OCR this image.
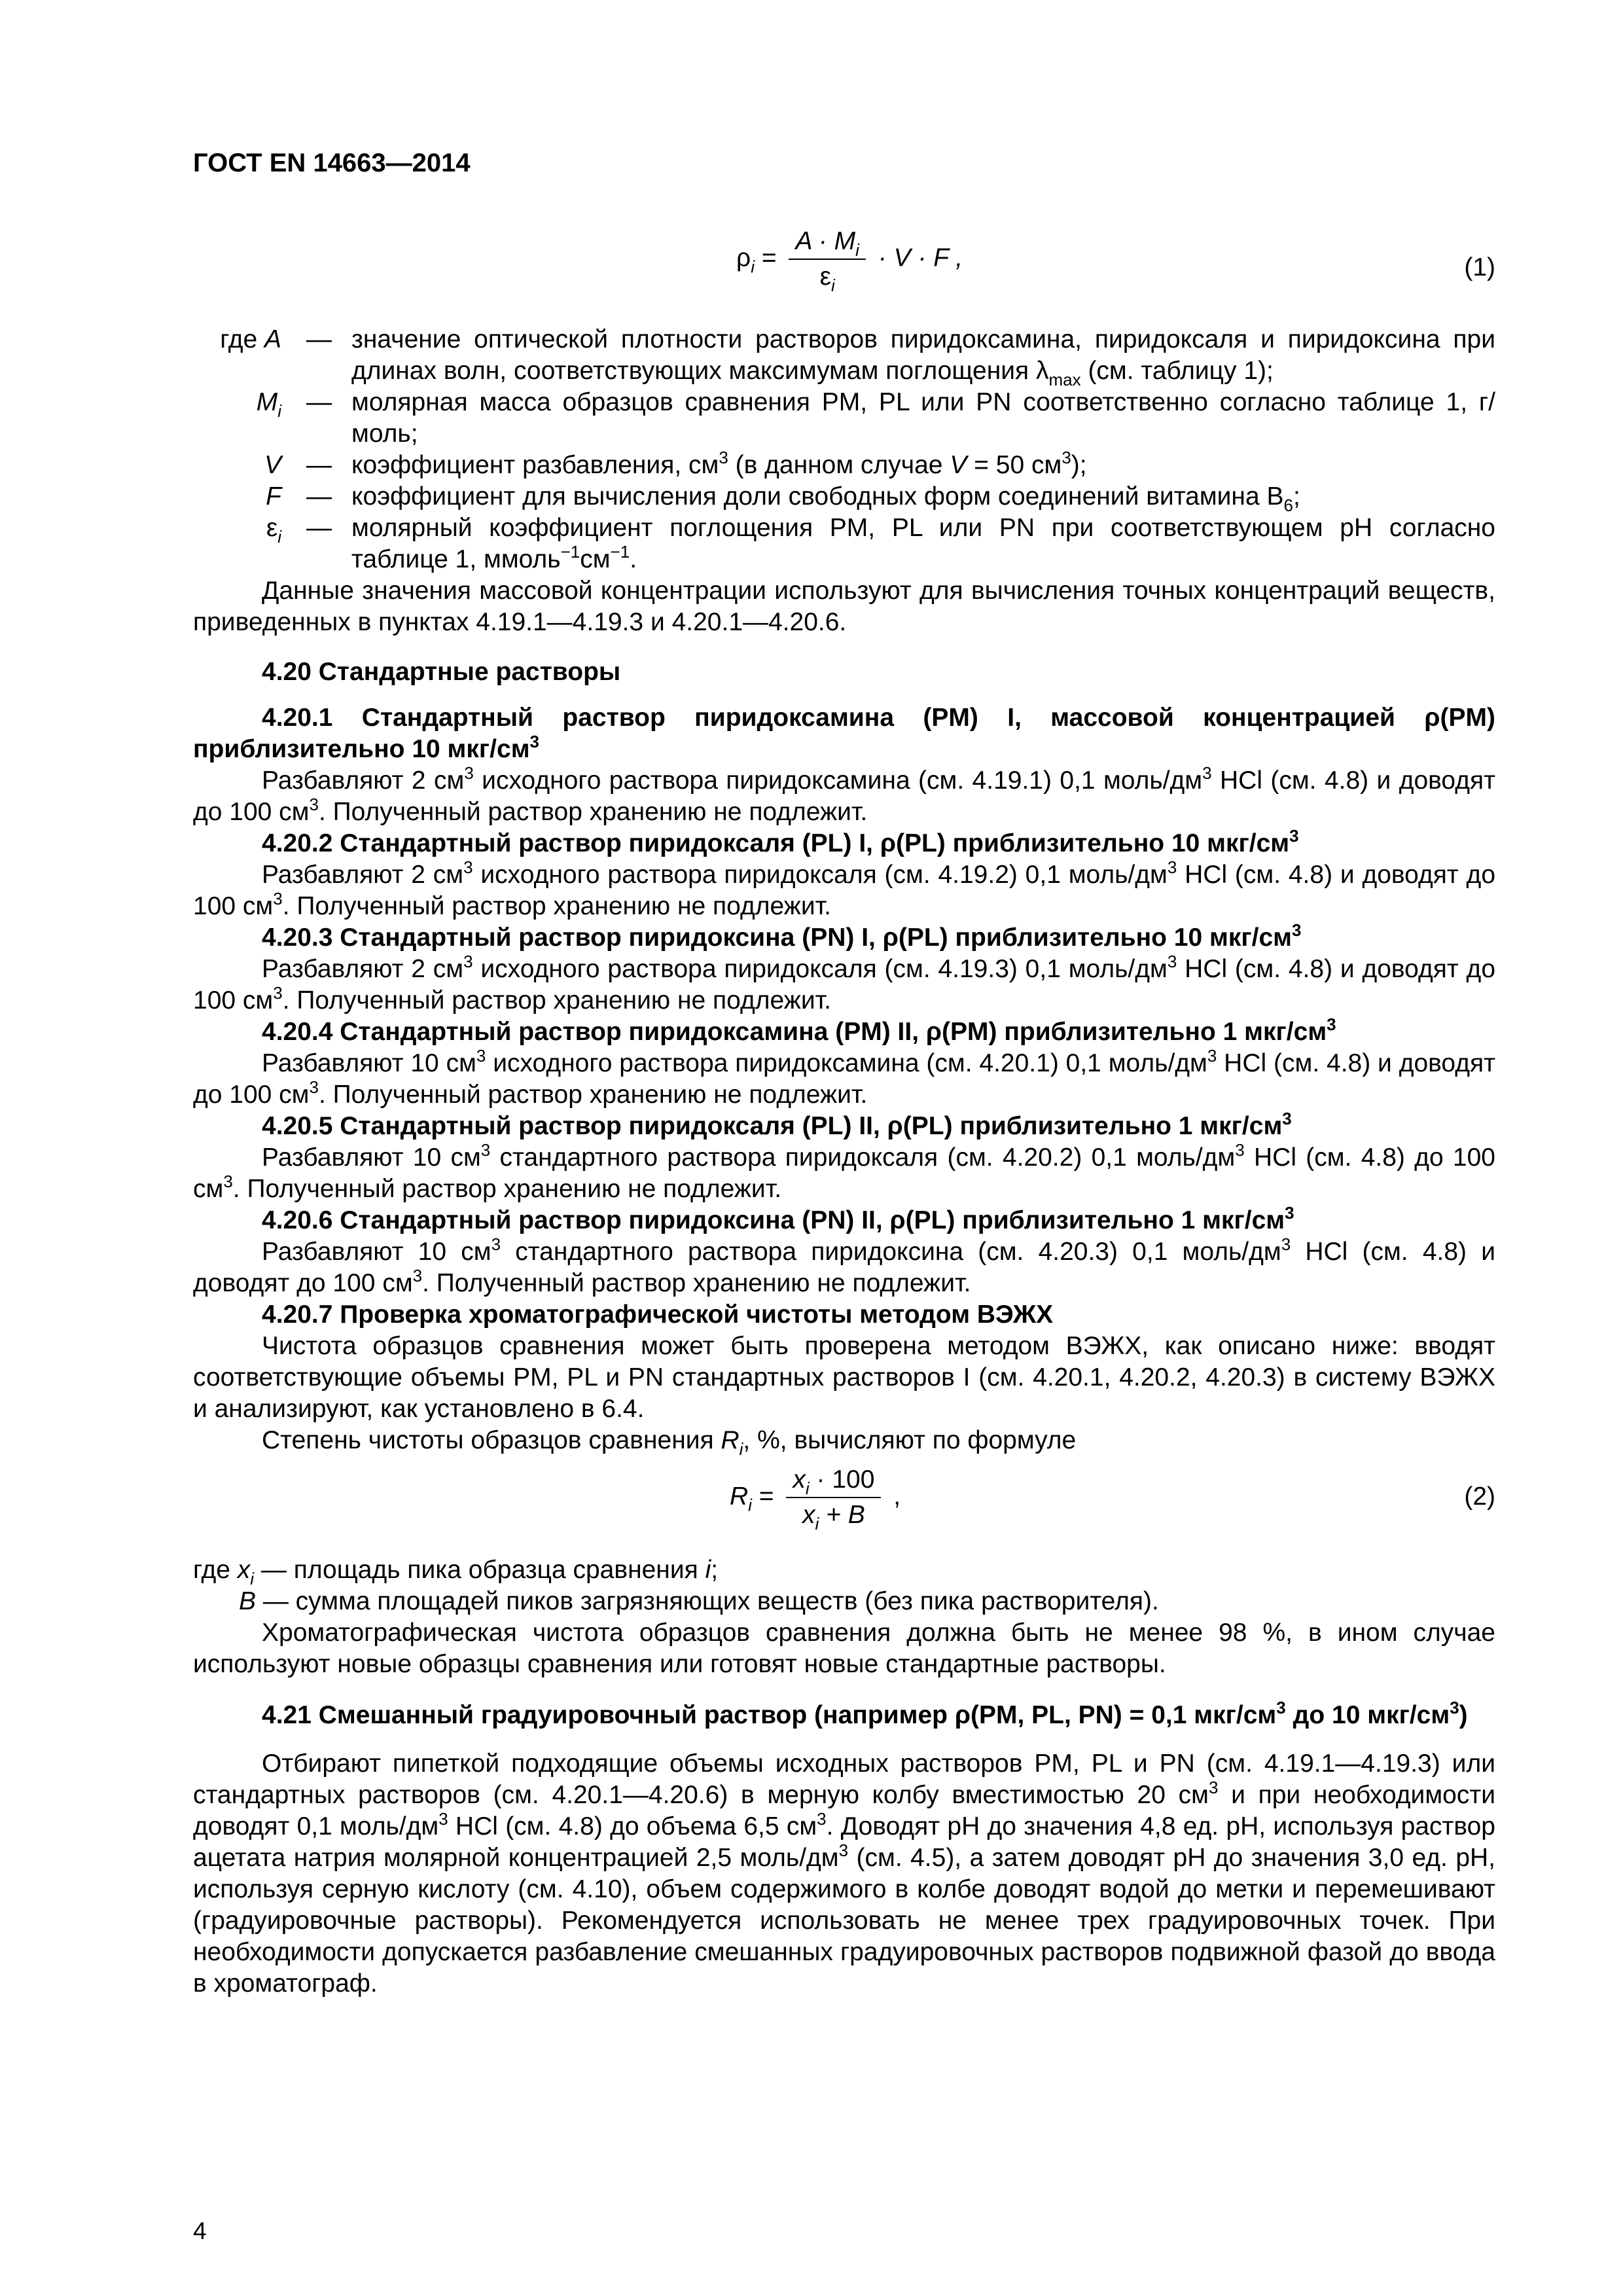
ГОСТ EN 14663—2014
$\rho_i = \frac{A \cdot M_i}{\varepsilon_i} \cdot V \cdot F$ ,	(1)
где A	—	значение оптической плотности растворов пиридоксамина, пиридоксаля и пиридоксина при длинах волн, соответствующих максимумам поглощения $\lambda_{max}$ (см. таблицу 1);
$M_i$	—	молярная масса образцов сравнения PM, PL или PN соответственно согласно таблице 1, г/моль;
V	—	коэффициент разбавления, $см^3$ (в данном случае V = 50 $см^3$);
F	—	коэффициент для вычисления доли свободных форм соединений витамина $B_6$;
$\varepsilon_i$	—	молярный коэффициент поглощения PM, PL или PN при соответствующем pH согласно таблице 1, $ммоль^{-1}см^{-1}$.
Данные значения массовой концентрации используют для вычисления точных концентраций веществ, приведенных в пунктах 4.19.1—4.19.3 и 4.20.1—4.20.6.
4.20 Стандартные растворы
4.20.1 Стандартный раствор пиридоксамина (PM) I, массовой концентрацией ρ(PM) приблизительно 10 мкг/$см^3$
Разбавляют 2 $см^3$ исходного раствора пиридоксамина (см. 4.19.1) 0,1 моль/$дм^3$ HCl (см. 4.8) и доводят до 100 $см^3$. Полученный раствор хранению не подлежит.
4.20.2 Стандартный раствор пиридоксаля (PL) I, ρ(PL) приблизительно 10 мкг/$см^3$
Разбавляют 2 $см^3$ исходного раствора пиридоксаля (см. 4.19.2) 0,1 моль/$дм^3$ HCl (см. 4.8) и доводят до 100 $см^3$. Полученный раствор хранению не подлежит.
4.20.3 Стандартный раствор пиридоксина (PN) I, ρ(PL) приблизительно 10 мкг/$см^3$
Разбавляют 2 $см^3$ исходного раствора пиридоксаля (см. 4.19.3) 0,1 моль/$дм^3$ HCl (см. 4.8) и доводят до 100 $см^3$. Полученный раствор хранению не подлежит.
4.20.4 Стандартный раствор пиридоксамина (PM) II, ρ(PM) приблизительно 1 мкг/$см^3$
Разбавляют 10 $см^3$ исходного раствора пиридоксамина (см. 4.20.1) 0,1 моль/$дм^3$ HCl (см. 4.8) и доводят до 100 $см^3$. Полученный раствор хранению не подлежит.
4.20.5 Стандартный раствор пиридоксаля (PL) II, ρ(PL) приблизительно 1 мкг/$см^3$
Разбавляют 10 $см^3$ стандартного раствора пиридоксаля (см. 4.20.2) 0,1 моль/$дм^3$ HCl (см. 4.8) до 100 $см^3$. Полученный раствор хранению не подлежит.
4.20.6 Стандартный раствор пиридоксина (PN) II, ρ(PL) приблизительно 1 мкг/$см^3$
Разбавляют 10 $см^3$ стандартного раствора пиридоксина (см. 4.20.3) 0,1 моль/$дм^3$ HCl (см. 4.8) и доводят до 100 $см^3$. Полученный раствор хранению не подлежит.
4.20.7 Проверка хроматографической чистоты методом ВЭЖХ
Чистота образцов сравнения может быть проверена методом ВЭЖХ, как описано ниже: вводят соответствующие объемы PM, PL и PN стандартных растворов I (см. 4.20.1, 4.20.2, 4.20.3) в систему ВЭЖХ и анализируют, как установлено в 6.4.
Степень чистоты образцов сравнения $R_i$, %, вычисляют по формуле
$R_i = \frac{x_i \cdot 100}{x_i + B}$ ,	(2)
где $x_i$ — площадь пика образца сравнения i;
B — сумма площадей пиков загрязняющих веществ (без пика растворителя).
Хроматографическая чистота образцов сравнения должна быть не менее 98 %, в ином случае используют новые образцы сравнения или готовят новые стандартные растворы.
4.21 Смешанный градуировочный раствор (например ρ(PM, PL, PN) = 0,1 мкг/$см^3$ до 10 мкг/$см^3$)
Отбирают пипеткой подходящие объемы исходных растворов PM, PL и PN (см. 4.19.1—4.19.3) или стандартных растворов (см. 4.20.1—4.20.6) в мерную колбу вместимостью 20 $см^3$ и при необходимости доводят 0,1 моль/$дм^3$ HCl (см. 4.8) до объема 6,5 $см^3$. Доводят pH до значения 4,8 ед. pH, используя раствор ацетата натрия молярной концентрацией 2,5 моль/$дм^3$ (см. 4.5), а затем доводят pH до значения 3,0 ед. pH, используя серную кислоту (см. 4.10), объем содержимого в колбе доводят водой до метки и перемешивают (градуировочные растворы). Рекомендуется использовать не менее трех градуировочных точек. При необходимости допускается разбавление смешанных градуировочных растворов подвижной фазой до ввода в хроматограф.
4
